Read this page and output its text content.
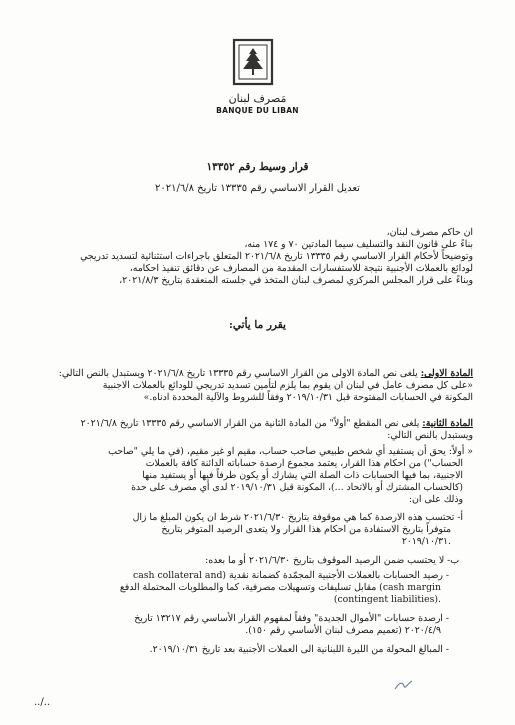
مَصرف لبنان
BANQUE DU LIBAN
قرار وسيط رقم ١٣٣٥٢
تعديل القرار الاساسي رقم ١٣٣٣٥ تاريخ ٢٠٢١/٦/٨
ان حاكم مصرف لبنان،
بناءً على قانون النقد والتسليف سيما المادتين ٧٠ و ١٧٤ منه،
وتوضيحاً لأحكام القرار الاساسي رقم ١٣٣٣٥ تاريخ ٢٠٢١/٦/٨ المتعلق باجراءات استثنائية لتسديد تدريجي
لودائع بالعملات الأجنبية نتيجة للاستفسارات المقدمة من المصارف عن دقائق تنفيذ احكامه،
وبناءً على قرار المجلس المركزي لمصرف لبنان المتخذ في جلسته المنعقدة بتاريخ ٢٠٢١/٨/٣،
يقرر ما يأتي:
المادة الاولى: يلغى نص المادة الاولى من القرار الاساسي رقم ١٣٣٣٥ تاريخ ٢٠٢١/٦/٨ ويستبدل بالنص التالي:
«على كل مصرف عامل في لبنان ان يقوم بما يلزم لتأمين تسديد تدريجي للودائع بالعملات الاجنبية
المكونة في الحسابات المفتوحة قبل ٢٠١٩/١٠/٣١ وفقاً للشروط والآلية المحددة ادناه.»
المادة الثانية: يلغى نص المقطع "أولاً" من المادة الثانية من القرار الاساسي رقم ١٣٣٣٥ تاريخ ٢٠٢١/٦/٨
ويستبدل بالنص التالي:
« أولاً: يحق أن يستفيد أي شخص طبيعي صاحب حساب، مقيم او غير مقيم، (في ما يلي "صاحب
الحساب") من احكام هذا القرار، يعتمد مجموع ارصدة حساباته الدائنة كافة بالعملات
الاجنبية، بما فيها الحسابات ذات الصلة التي يشارك أو يكون طرفاً فيها أو يستفيد منها
(كالحساب المشترك أو بالاتحاد ...)، المكونة قبل ٢٠١٩/١٠/٣١ لدى أي مصرف على حدة
وذلك على ان:
أ- تحتسب هذه الارصدة كما هي موقوفة بتاريخ ٢٠٢١/٦/٣٠ شرط ان يكون المبلغ ما زال
متوفراً بتاريخ الاستفادة من احكام هذا القرار ولا يتعدى الرصيد المتوفر بتاريخ
٢٠١٩/١٠/٣١.
ب- لا يحتسب ضمن الرصيد الموقوف بتاريخ ٢٠٢١/٦/٣٠ أو ما بعده:
- رصيد الحسابات بالعملات الأجنبية المجمّدة كضمانة نقدية (cash collateral and
cash margin) مقابل تسليفات وتسهيلات مصرفية، كما والمطلوبات المحتملة الدفع
(contingent liabilities).
- ارصدة حسابات "الأموال الجديدة" وفقاً لمفهوم القرار الأساسي رقم ١٣٢١٧ تاريخ
٢٠٢٠/٤/٩ (تعميم مصرف لبنان الأساسي رقم ١٥٠).
- المبالغ المحولة من الليرة اللبنانية الى العملات الأجنبية بعد تاريخ ٢٠١٩/١٠/٣١.
../..
